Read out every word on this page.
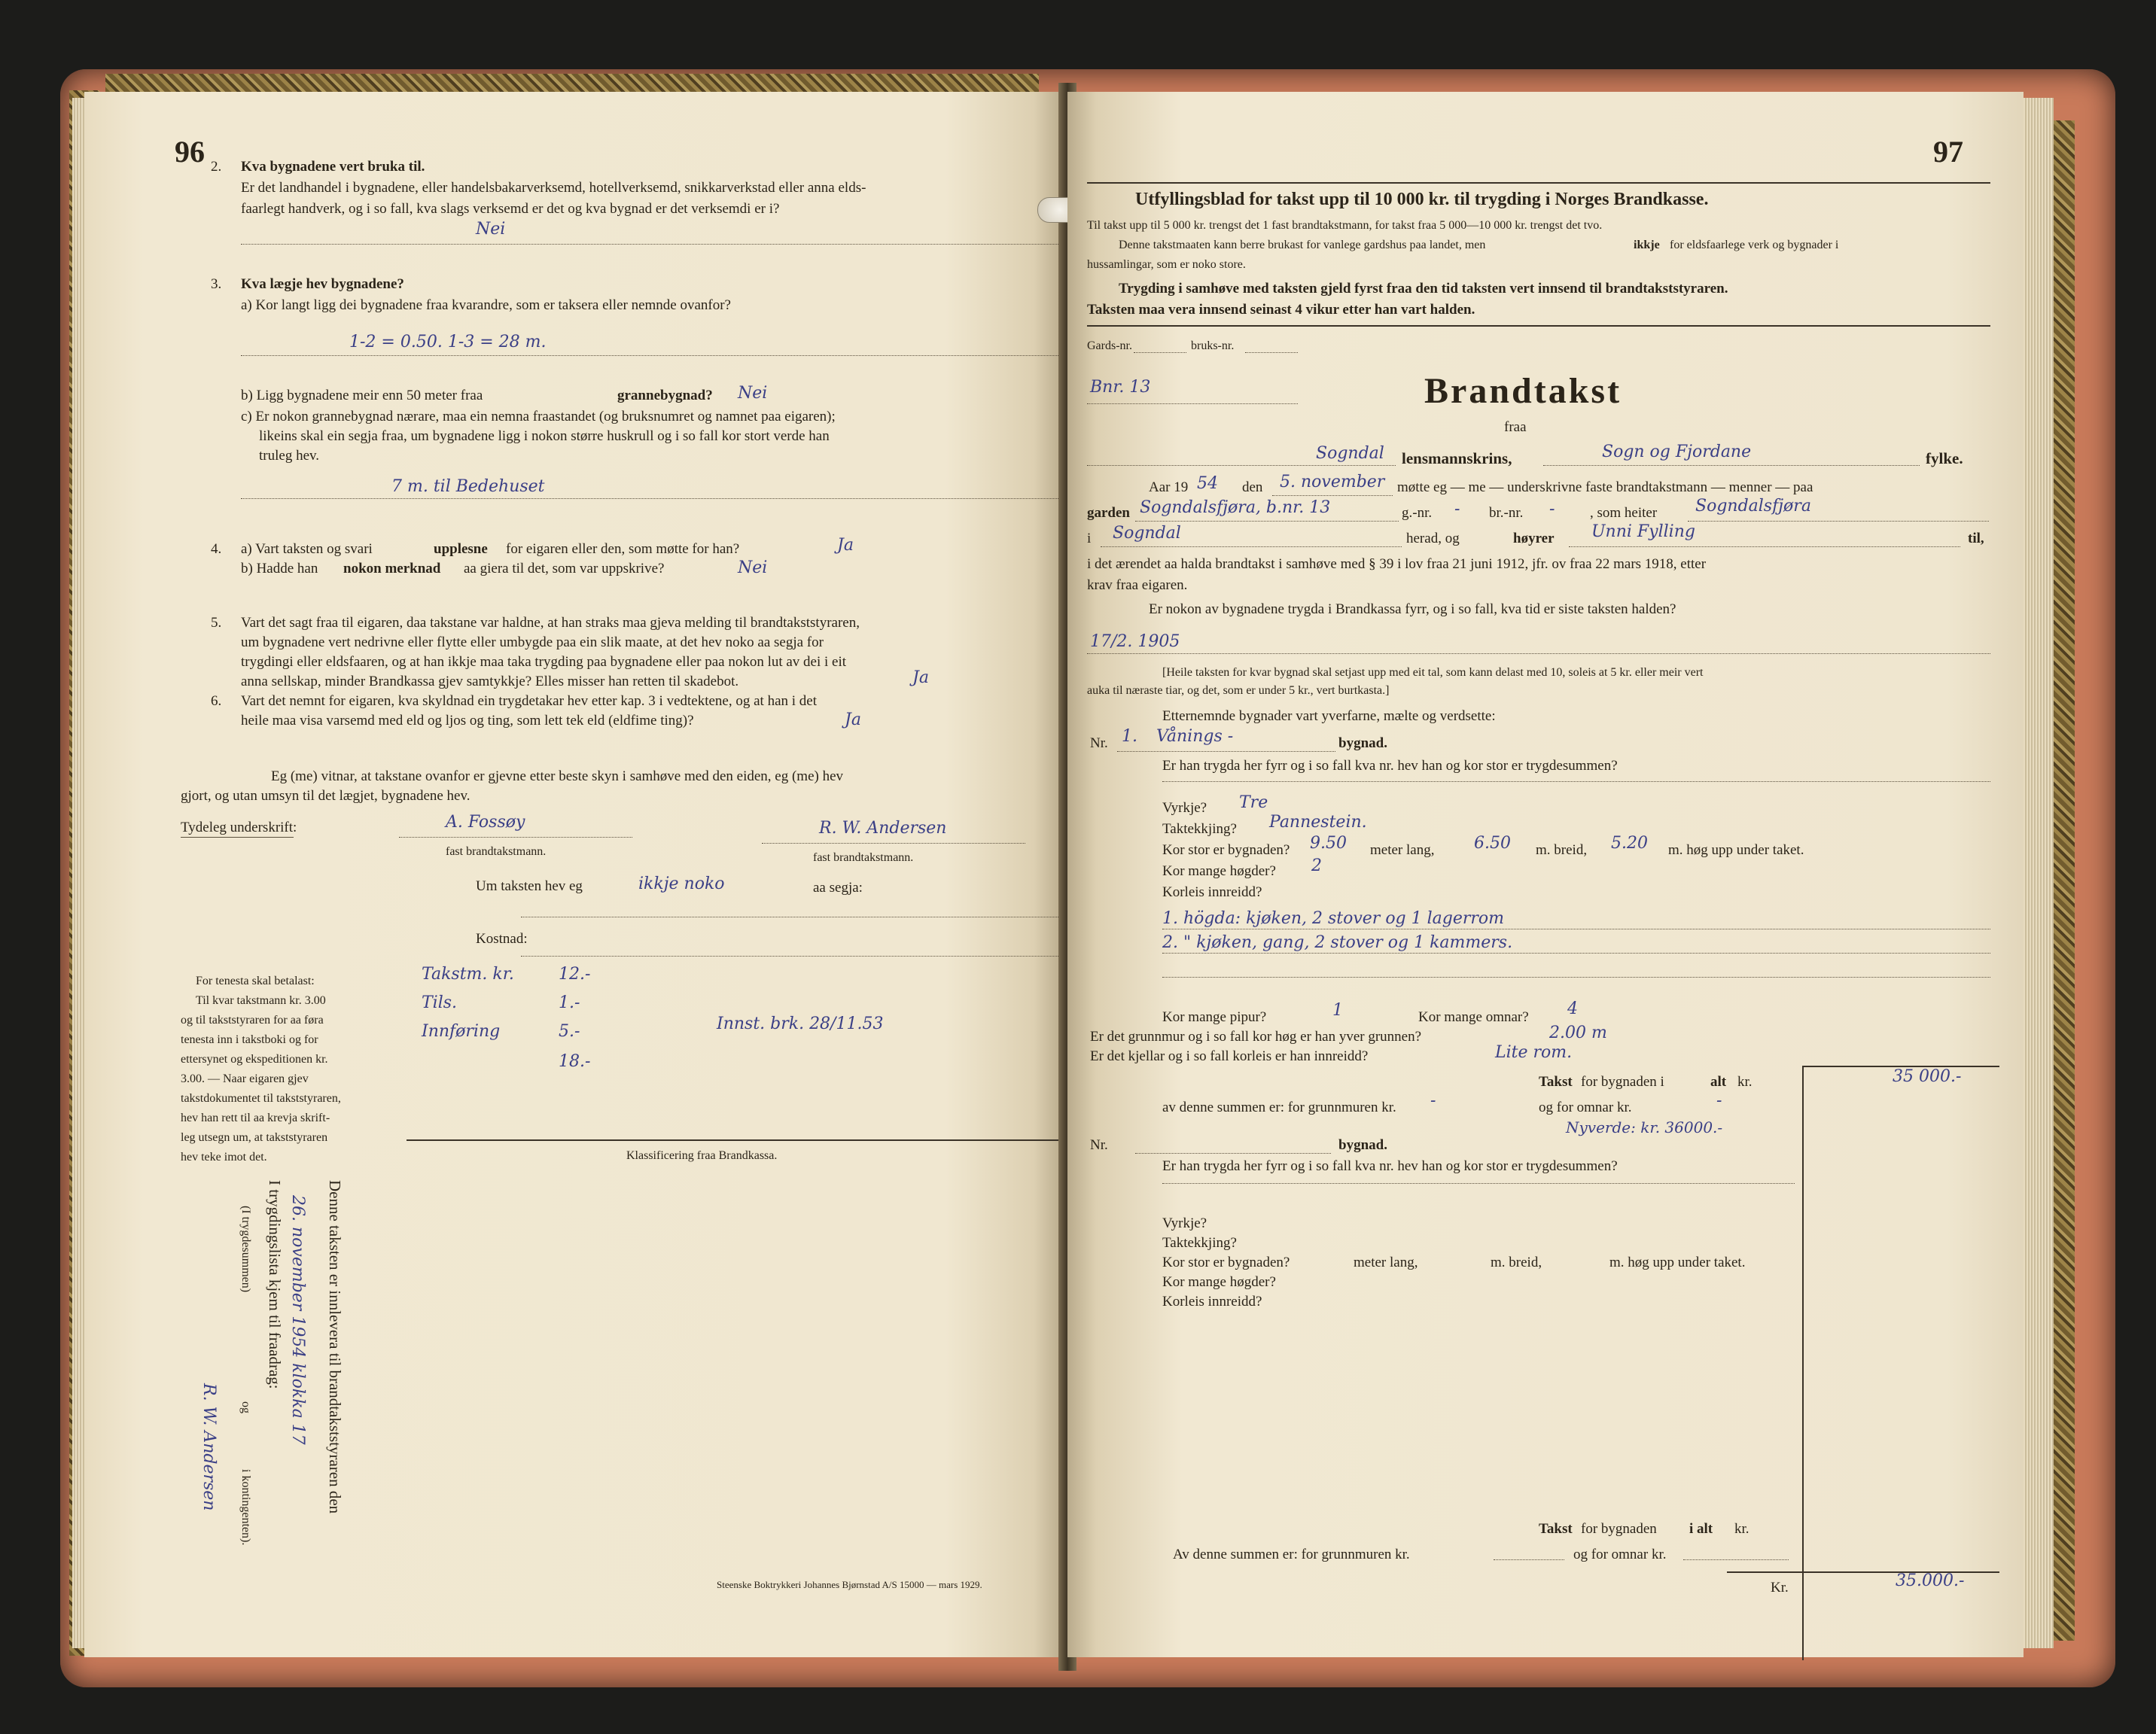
96 2. Kva bygnadene vert bruka til.
Er det landhandel i bygnadene, eller handelsbakarverksemd, hotellverksemd, snikkarverkstad eller anna elds-
faarlegt handverk, og i so fall, kva slags verksemd er det og kva bygnad er det verksemdi er i?
Nei
3. Kva lægje hev bygnadene?
a) Kor langt ligg dei bygnadene fraa kvarandre, som er taksera eller nemnde ovanfor?
1-2 = 0.50. 1-3 = 28 m.
b) Ligg bygnadene meir enn 50 meter fraa	grannebygnad? Nei
c) Er nokon grannebygnad nærare, maa ein nemna fraastandet (og bruksnumret og namnet paa eigaren);
likeins skal ein segja fraa, um bygnadene ligg i nokon større huskrull og i so fall kor stort verde han
truleg hev.
7 m. til Bedehuset
4. a) Vart taksten og svari	upplesne for eigaren eller den, som møtte for han?	Ja
b) Hadde han nokon merknad aa giera til det, som var uppskrive?	Nei
5. Vart det sagt fraa til eigaren, daa takstane var haldne, at han straks maa gjeva melding til brandtakststyraren,
um bygnadene vert nedrivne eller flytte eller umbygde paa ein slik maate, at det hev noko aa segja for
trygdingi eller eldsfaaren, og at han ikkje maa taka trygding paa bygnadene eller paa nokon lut av dei i eit
anna sellskap, minder Brandkassa gjev samtykkje? Elles misser han retten til skadebot.	Ja
6. Vart det nemnt for eigaren, kva skyldnad ein trygdetakar hev etter kap. 3 i vedtektene, og at han i det
heile maa visa varsemd med eld og ljos og ting, som lett tek eld (eldfime ting)?	Ja
Eg (me) vitnar, at takstane ovanfor er gjevne etter beste skyn i samhøve med den eiden, eg (me) hev
gjort, og utan umsyn til det lægjet, bygnadene hev.
Tydeleg underskrift:	A. Fossøy
fast brandtakstmann.
R. W. Andersen
fast brandtakstmann.
Um taksten hev eg	ikkje noko	aa segja:
Kostnad:
Takstm. kr.	12.-
Tils.	1.-
Innføring	5.-
18.-
Innst. brk. 28/11.53
For tenesta skal betalast:
Til kvar takstmann kr. 3.00
og til takststyraren for aa føra
tenesta inn i takstboki og for
ettersynet og ekspeditionen kr.
3.00. — Naar eigaren gjev
takstdokumentet til takststyraren,
hev han rett til aa krevja skrift-
leg utsegn um, at takststyraren
hev teke imot det.	Klassificering fraa Brandkassa.
Denne taksten er innlevera til brandtakststyraren den
26. november 1954 klokka 17
I trygdingslista kjem til fraadrag:
(I trygdesummen)
og
i kontingenten).
R. W. Andersen
Steenske Boktrykkeri Johannes Bjørnstad A/S 15000 — mars 1929.
97
Utfyllingsblad for takst upp til 10 000 kr. til trygding i Norges Brandkasse.
Til takst upp til 5 000 kr. trengst det 1 fast brandtakstmann, for takst fraa 5 000—10 000 kr. trengst det tvo.
Denne takstmaaten kann berre brukast for vanlege gardshus paa landet, men	ikkje for eldsfaarlege verk og bygnader i
hussamlingar, som er noko store.
Trygding i samhøve med taksten gjeld fyrst fraa den tid taksten vert innsend til brandtakststyraren.
Taksten maa vera innsend seinast 4 vikur etter han vart halden.
Gards-nr.	bruks-nr.
Bnr. 13	Brandtakst
fraa
Sogndal lensmannskrins,	Sogn og Fjordane	fylke.
Aar 19 54 den 5. november møtte eg — me — underskrivne faste brandtakstmann — menner — paa
garden Sogndalsfjøra, b.nr. 13	g.-nr. - br.-nr. - , som heiter Sogndalsfjøra
i Sogndal	herad, og	høyrer Unni Fylling	til,
i det ærendet aa halda brandtakst i samhøve med § 39 i lov fraa 21 juni 1912, jfr. ov fraa 22 mars 1918, etter
krav fraa eigaren.
Er nokon av bygnadene trygda i Brandkassa fyrr, og i so fall, kva tid er siste taksten halden?
17/2. 1905
[Heile taksten for kvar bygnad skal setjast upp med eit tal, som kann delast med 10, soleis at 5 kr. eller meir vert
auka til næraste tiar, og det, som er under 5 kr., vert burtkasta.]
Etternemnde bygnader vart yverfarne, mælte og verdsette:
Nr. 1. Vånings -	bygnad.
Er han trygda her fyrr og i so fall kva nr. hev han og kor stor er trygdesummen?
Vyrkje? Tre
Taktekkjing? Pannestein.
Kor stor er bygnaden? 9.50 meter lang, 6.50 m. breid, 5.20 m. høg upp under taket.
Kor mange høgder? 2
Korleis innreidd?
1. högda: kjøken, 2 stover og 1 lagerrom
2. " kjøken, gang, 2 stover og 1 kammers.
Kor mange pipur?	1	Kor mange omnar? 4
Er det grunnmur og i so fall kor høg er han yver grunnen?	2.00 m
Er det kjellar og i so fall korleis er han innreidd?	Lite rom.
Takst for bygnaden i	alt kr.	35 000.-
av denne summen er: for grunnmuren kr. -	og for omnar kr.	-
Nyverde: kr. 36000.-
Nr.	bygnad.
Er han trygda her fyrr og i so fall kva nr. hev han og kor stor er trygdesummen?
Vyrkje?
Taktekkjing?
Kor stor er bygnaden?	meter lang,	m. breid,	m. høg upp under taket.
Kor mange høgder?
Korleis innreidd?
Takst for bygnaden i alt kr.
Av denne summen er: for grunnmuren kr.	og for omnar kr.
Kr.	35.000.-
